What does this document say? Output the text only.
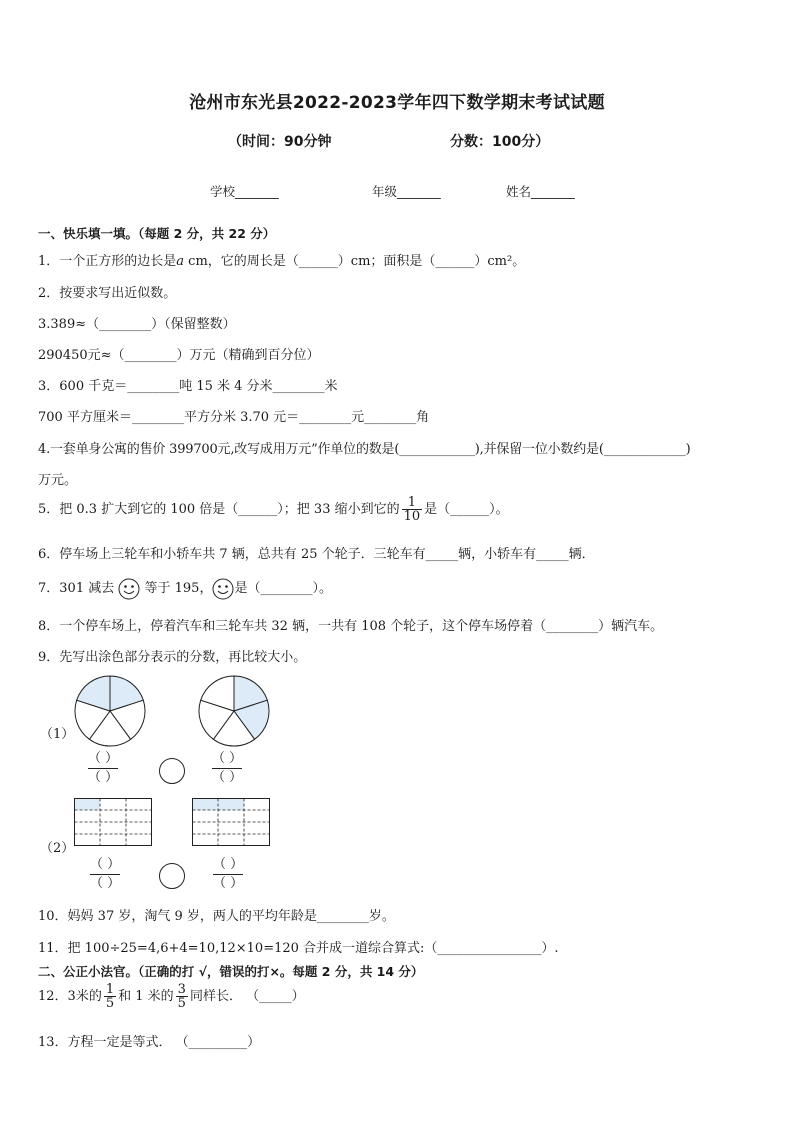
沧州市东光县2022-2023学年四下数学期末考试试题
（时间：90分钟	分数：100分）
学校_______	年级_______	姓名_______
一、快乐填一填。（每题 2 分，共 22 分）
1．一个正方形的边长是a cm，它的周长是（______）cm；面积是（______）cm²。
2．按要求写出近似数。
3.389≈（________）（保留整数）
290450元≈（________）万元（精确到百分位）
3．600 千克＝________吨 15 米 4 分米________米
700 平方厘米＝________平方分米 3.70 元＝________元________角
4.一套单身公寓的售价 399700元,改写成用万元”作单位的数是(____________),并保留一位小数约是(_____________)
万元。
5．把 0.3 扩大到它的 100 倍是（______）；把 33 缩小到它的 $\frac{1}{10}$ 是（______）。
6．停车场上三轮车和小轿车共 7 辆，总共有 25 个轮子．三轮车有_____辆，小轿车有_____辆．
7．301 减去 等于 195， 是（________）。
8．一个停车场上，停着汽车和三轮车共 32 辆，一共有 108 个轮子，这个停车场停着（________）辆汽车。
9．先写出涂色部分表示的分数，再比较大小。
（1）
（ ）
（ ）
（ ）
（ ）
（2）
（ ）
（ ）
（ ）
（ ）
10．妈妈 37 岁，淘气 9 岁，两人的平均年龄是________岁。
11．把 100÷25=4,6+4=10,12×10=120 合并成一道综合算式:（________________）.
二、公正小法官。（正确的打 √，错误的打×。每题 2 分，共 14 分）
12．3米的 $\frac{1}{5}$ 和 1 米的 $\frac{3}{5}$ 同样长． （_____）
13．方程一定是等式． （_________）
